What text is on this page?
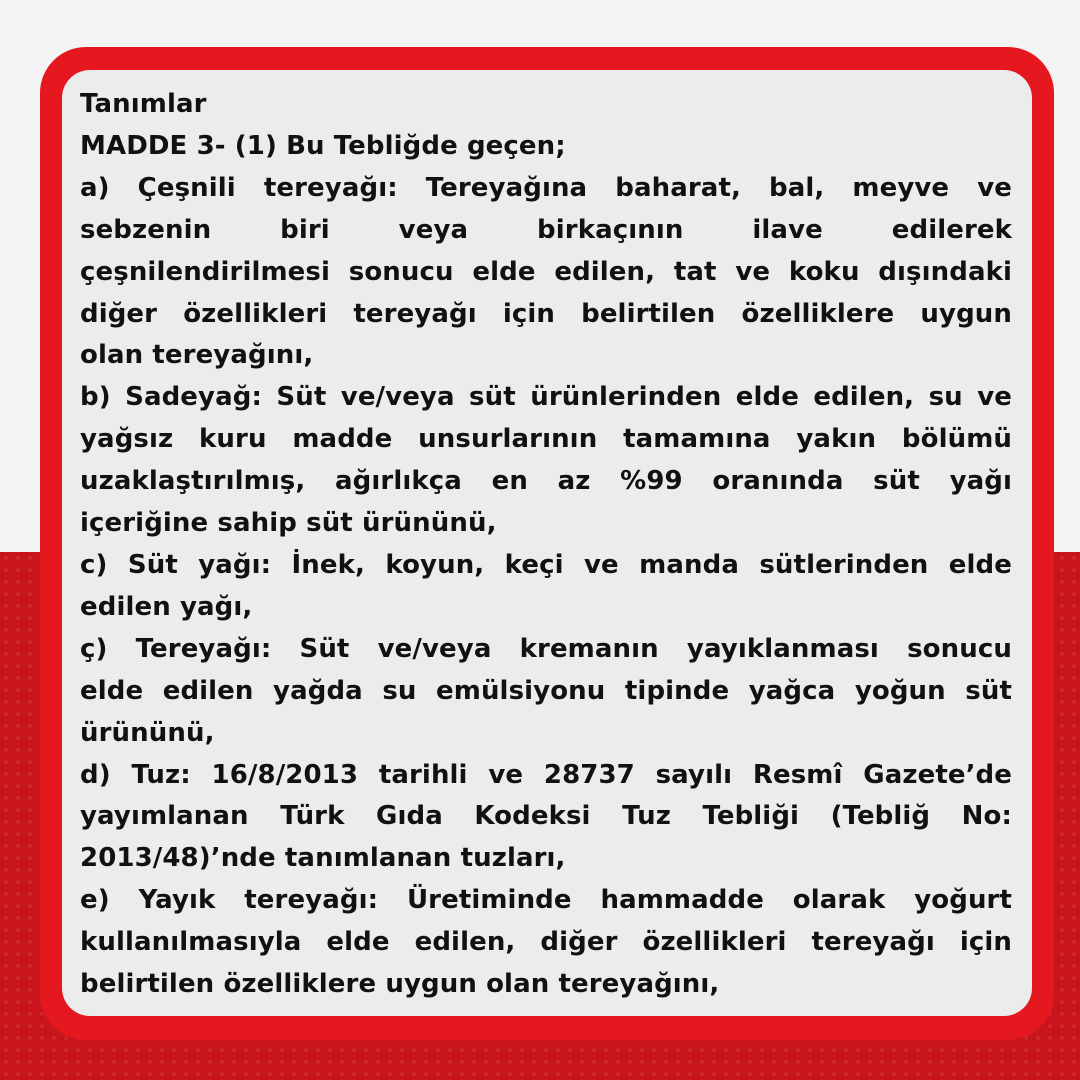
Tanımlar
MADDE 3- (1) Bu Tebliğde geçen;
a) Çeşnili tereyağı: Tereyağına baharat, bal, meyve ve
sebzenin biri veya birkaçının ilave edilerek
çeşnilendirilmesi sonucu elde edilen, tat ve koku dışındaki
diğer özellikleri tereyağı için belirtilen özelliklere uygun
olan tereyağını,
b) Sadeyağ: Süt ve/veya süt ürünlerinden elde edilen, su ve
yağsız kuru madde unsurlarının tamamına yakın bölümü
uzaklaştırılmış, ağırlıkça en az %99 oranında süt yağı
içeriğine sahip süt ürününü,
c) Süt yağı: İnek, koyun, keçi ve manda sütlerinden elde
edilen yağı,
ç) Tereyağı: Süt ve/veya kremanın yayıklanması sonucu
elde edilen yağda su emülsiyonu tipinde yağca yoğun süt
ürününü,
d) Tuz: 16/8/2013 tarihli ve 28737 sayılı Resmî Gazete’de
yayımlanan Türk Gıda Kodeksi Tuz Tebliği (Tebliğ No:
2013/48)’nde tanımlanan tuzları,
e) Yayık tereyağı: Üretiminde hammadde olarak yoğurt
kullanılmasıyla elde edilen, diğer özellikleri tereyağı için
belirtilen özelliklere uygun olan tereyağını,
